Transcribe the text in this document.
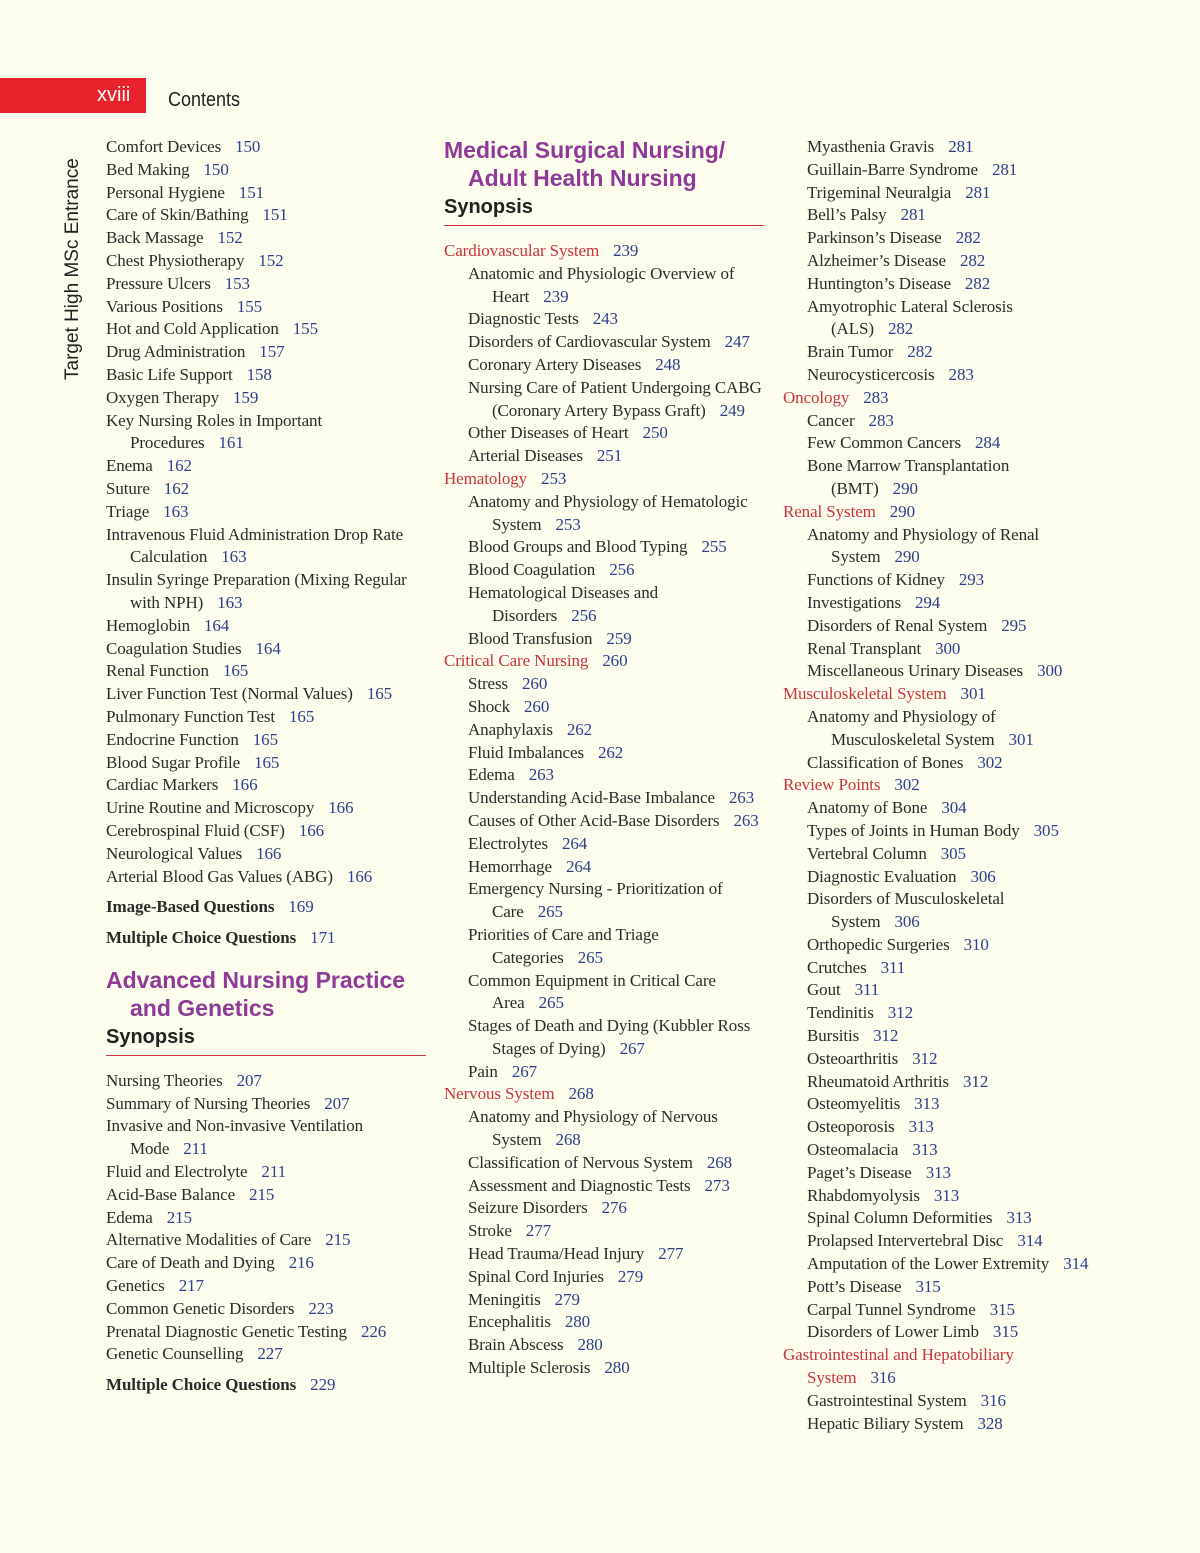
xviii Contents
Target High MSc Entrance
Comfort Devices 150
Bed Making 150
Personal Hygiene 151
Care of Skin/Bathing 151
Back Massage 152
Chest Physiotherapy 152
Pressure Ulcers 153
Various Positions 155
Hot and Cold Application 155
Drug Administration 157
Basic Life Support 158
Oxygen Therapy 159
Key Nursing Roles in Important Procedures 161
Enema 162
Suture 162
Triage 163
Intravenous Fluid Administration Drop Rate Calculation 163
Insulin Syringe Preparation (Mixing Regular with NPH) 163
Hemoglobin 164
Coagulation Studies 164
Renal Function 165
Liver Function Test (Normal Values) 165
Pulmonary Function Test 165
Endocrine Function 165
Blood Sugar Profile 165
Cardiac Markers 166
Urine Routine and Microscopy 166
Cerebrospinal Fluid (CSF) 166
Neurological Values 166
Arterial Blood Gas Values (ABG) 166
Image-Based Questions 169
Multiple Choice Questions 171
Advanced Nursing Practice and Genetics
Synopsis
Nursing Theories 207
Summary of Nursing Theories 207
Invasive and Non-invasive Ventilation Mode 211
Fluid and Electrolyte 211
Acid-Base Balance 215
Edema 215
Alternative Modalities of Care 215
Care of Death and Dying 216
Genetics 217
Common Genetic Disorders 223
Prenatal Diagnostic Genetic Testing 226
Genetic Counselling 227
Multiple Choice Questions 229
Medical Surgical Nursing/ Adult Health Nursing
Synopsis
Cardiovascular System 239
Anatomic and Physiologic Overview of Heart 239
Diagnostic Tests 243
Disorders of Cardiovascular System 247
Coronary Artery Diseases 248
Nursing Care of Patient Undergoing CABG (Coronary Artery Bypass Graft) 249
Other Diseases of Heart 250
Arterial Diseases 251
Hematology 253
Anatomy and Physiology of Hematologic System 253
Blood Groups and Blood Typing 255
Blood Coagulation 256
Hematological Diseases and Disorders 256
Blood Transfusion 259
Critical Care Nursing 260
Stress 260
Shock 260
Anaphylaxis 262
Fluid Imbalances 262
Edema 263
Understanding Acid-Base Imbalance 263
Causes of Other Acid-Base Disorders 263
Electrolytes 264
Hemorrhage 264
Emergency Nursing - Prioritization of Care 265
Priorities of Care and Triage Categories 265
Common Equipment in Critical Care Area 265
Stages of Death and Dying (Kubbler Ross Stages of Dying) 267
Pain 267
Nervous System 268
Anatomy and Physiology of Nervous System 268
Classification of Nervous System 268
Assessment and Diagnostic Tests 273
Seizure Disorders 276
Stroke 277
Head Trauma/Head Injury 277
Spinal Cord Injuries 279
Meningitis 279
Encephalitis 280
Brain Abscess 280
Multiple Sclerosis 280
Myasthenia Gravis 281
Guillain-Barre Syndrome 281
Trigeminal Neuralgia 281
Bell’s Palsy 281
Parkinson’s Disease 282
Alzheimer’s Disease 282
Huntington’s Disease 282
Amyotrophic Lateral Sclerosis (ALS) 282
Brain Tumor 282
Neurocysticercosis 283
Oncology 283
Cancer 283
Few Common Cancers 284
Bone Marrow Transplantation (BMT) 290
Renal System 290
Anatomy and Physiology of Renal System 290
Functions of Kidney 293
Investigations 294
Disorders of Renal System 295
Renal Transplant 300
Miscellaneous Urinary Diseases 300
Musculoskeletal System 301
Anatomy and Physiology of Musculoskeletal System 301
Classification of Bones 302
Review Points 302
Anatomy of Bone 304
Types of Joints in Human Body 305
Vertebral Column 305
Diagnostic Evaluation 306
Disorders of Musculoskeletal System 306
Orthopedic Surgeries 310
Crutches 311
Gout 311
Tendinitis 312
Bursitis 312
Osteoarthritis 312
Rheumatoid Arthritis 312
Osteomyelitis 313
Osteoporosis 313
Osteomalacia 313
Paget’s Disease 313
Rhabdomyolysis 313
Spinal Column Deformities 313
Prolapsed Intervertebral Disc 314
Amputation of the Lower Extremity 314
Pott’s Disease 315
Carpal Tunnel Syndrome 315
Disorders of Lower Limb 315
Gastrointestinal and Hepatobiliary System 316
Gastrointestinal System 316
Hepatic Biliary System 328
